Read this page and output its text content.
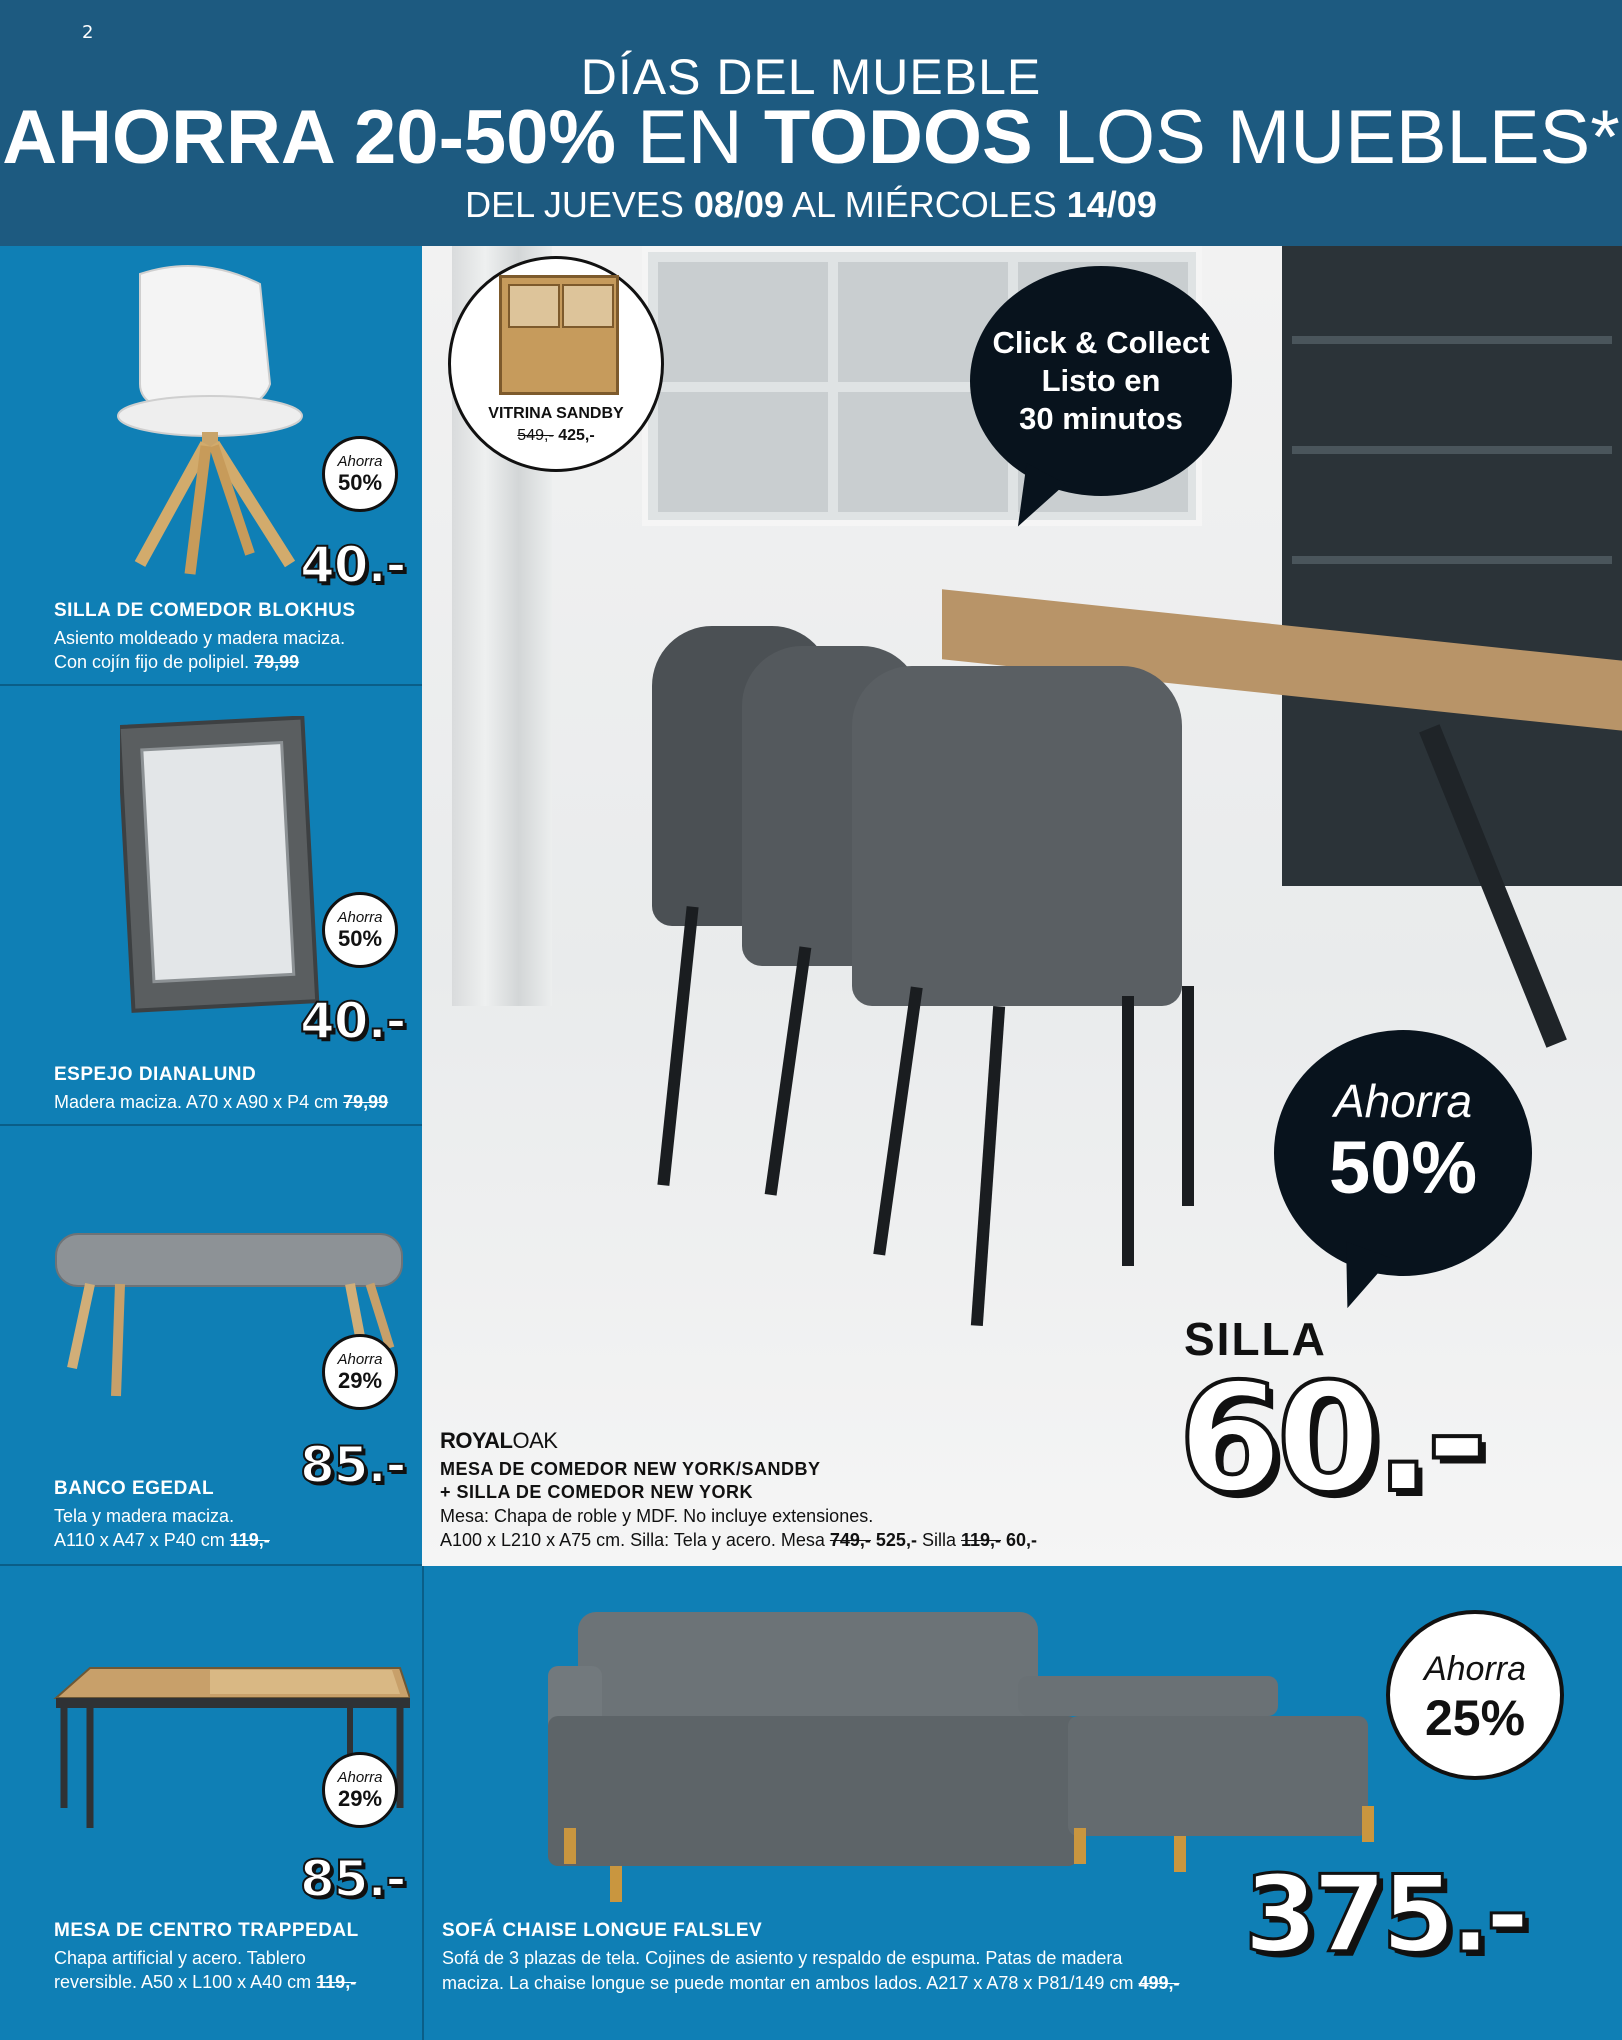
2
DÍAS DEL MUEBLE
AHORRA 20-50% EN TODOS LOS MUEBLES*
DEL JUEVES 08/09 AL MIÉRCOLES 14/09
Ahorra
50%
40.-
SILLA DE COMEDOR BLOKHUS
Asiento moldeado y madera maciza.
Con cojín fijo de polipiel. 79,99
Ahorra
50%
40.-
ESPEJO DIANALUND
Madera maciza. A70 x A90 x P4 cm 79,99
Ahorra
29%
85.-
BANCO EGEDAL
Tela y madera maciza.
A110 x A47 x P40 cm 119,-
Ahorra
29%
85.-
MESA DE CENTRO TRAPPEDAL
Chapa artificial y acero. Tablero
reversible. A50 x L100 x A40 cm 119,-
VITRINA SANDBY
549,- 425,-
Click & Collect
Listo en
30 minutos
Ahorra
50%
SILLA
60.-
ROYALOAK
MESA DE COMEDOR NEW YORK/SANDBY
+ SILLA DE COMEDOR NEW YORK
Mesa: Chapa de roble y MDF. No incluye extensiones.
A100 x L210 x A75 cm. Silla: Tela y acero. Mesa 749,- 525,- Silla 119,- 60,-
Ahorra
25%
375.-
SOFÁ CHAISE LONGUE FALSLEV
Sofá de 3 plazas de tela. Cojines de asiento y respaldo de espuma. Patas de madera
maciza. La chaise longue se puede montar en ambos lados. A217 x A78 x P81/149 cm 499,-
